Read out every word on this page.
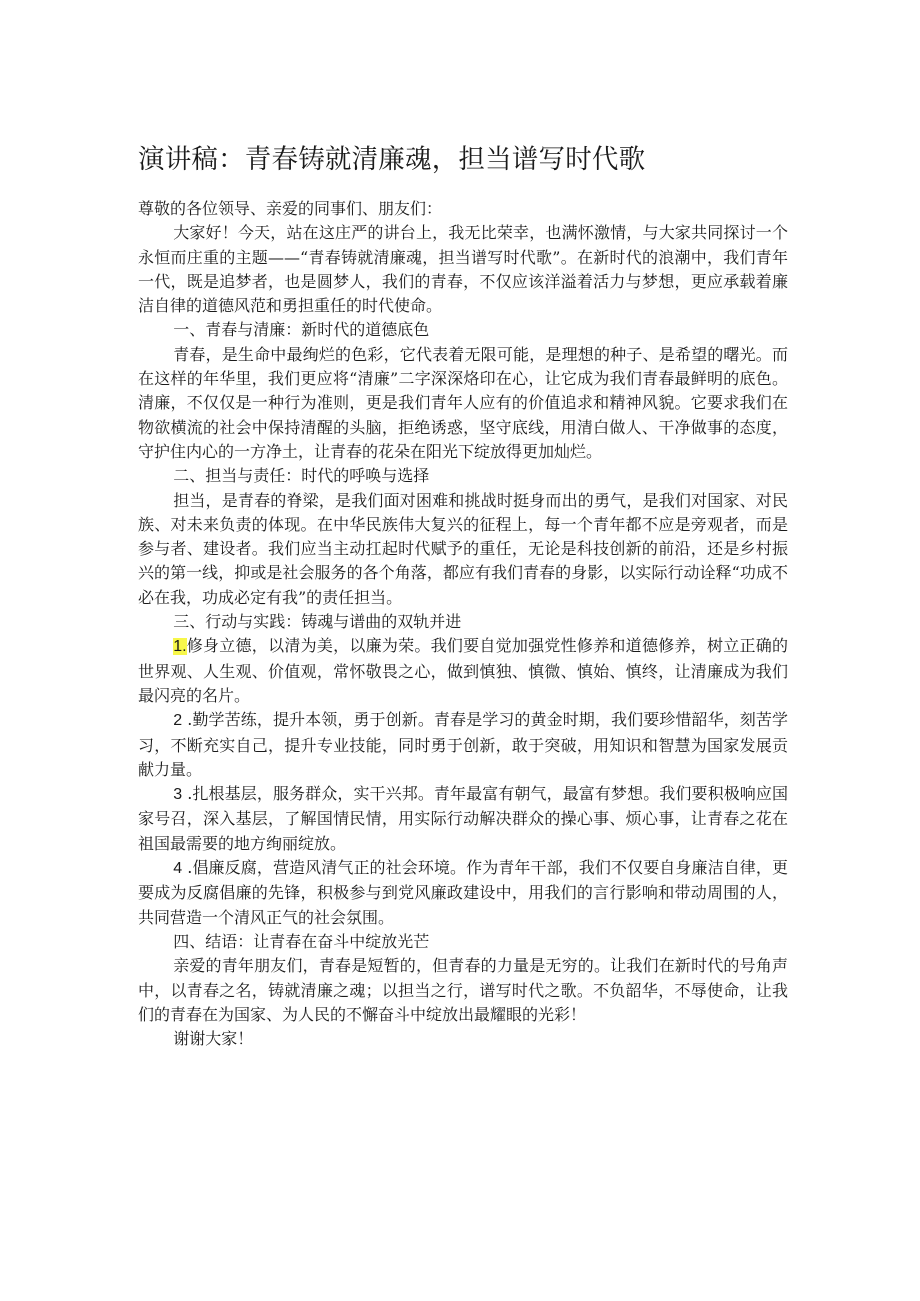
演讲稿：青春铸就清廉魂，担当谱写时代歌

尊敬的各位领导、亲爱的同事们、朋友们：

大家好！今天，站在这庄严的讲台上，我无比荣幸，也满怀激情，与大家共同探讨一个永恒而庄重的主题——“青春铸就清廉魂，担当谱写时代歌”。在新时代的浪潮中，我们青年一代，既是追梦者，也是圆梦人，我们的青春，不仅应该洋溢着活力与梦想，更应承载着廉洁自律的道德风范和勇担重任的时代使命。

一、青春与清廉：新时代的道德底色

青春，是生命中最绚烂的色彩，它代表着无限可能，是理想的种子、是希望的曙光。而在这样的年华里，我们更应将“清廉”二字深深烙印在心，让它成为我们青春最鲜明的底色。清廉，不仅仅是一种行为准则，更是我们青年人应有的价值追求和精神风貌。它要求我们在物欲横流的社会中保持清醒的头脑，拒绝诱惑，坚守底线，用清白做人、干净做事的态度，守护住内心的一方净土，让青春的花朵在阳光下绽放得更加灿烂。

二、担当与责任：时代的呼唤与选择

担当，是青春的脊梁，是我们面对困难和挑战时挺身而出的勇气，是我们对国家、对民族、对未来负责的体现。在中华民族伟大复兴的征程上，每一个青年都不应是旁观者，而是参与者、建设者。我们应当主动扛起时代赋予的重任，无论是科技创新的前沿，还是乡村振兴的第一线，抑或是社会服务的各个角落，都应有我们青春的身影，以实际行动诠释“功成不必在我，功成必定有我”的责任担当。

三、行动与实践：铸魂与谱曲的双轨并进

1.修身立德，以清为美，以廉为荣。我们要自觉加强党性修养和道德修养，树立正确的世界观、人生观、价值观，常怀敬畏之心，做到慎独、慎微、慎始、慎终，让清廉成为我们最闪亮的名片。

2 .勤学苦练，提升本领，勇于创新。青春是学习的黄金时期，我们要珍惜韶华，刻苦学习，不断充实自己，提升专业技能，同时勇于创新，敢于突破，用知识和智慧为国家发展贡献力量。

3 .扎根基层，服务群众，实干兴邦。青年最富有朝气，最富有梦想。我们要积极响应国家号召，深入基层，了解国情民情，用实际行动解决群众的操心事、烦心事，让青春之花在祖国最需要的地方绚丽绽放。

4 .倡廉反腐，营造风清气正的社会环境。作为青年干部，我们不仅要自身廉洁自律，更要成为反腐倡廉的先锋，积极参与到党风廉政建设中，用我们的言行影响和带动周围的人，共同营造一个清风正气的社会氛围。

四、结语：让青春在奋斗中绽放光芒

亲爱的青年朋友们，青春是短暂的，但青春的力量是无穷的。让我们在新时代的号角声中，以青春之名，铸就清廉之魂；以担当之行，谱写时代之歌。不负韶华，不辱使命，让我们的青春在为国家、为人民的不懈奋斗中绽放出最耀眼的光彩！

谢谢大家！
